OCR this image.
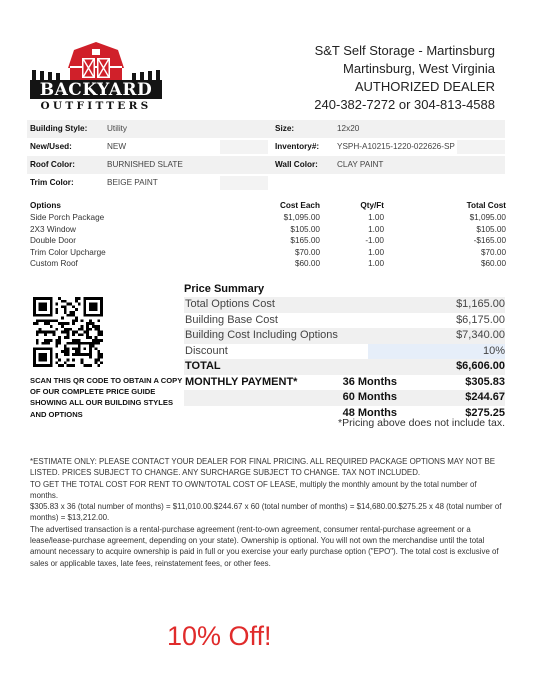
BACKYARD
OUTFITTERS
S&T Self Storage - Martinsburg
Martinsburg, West Virginia
AUTHORIZED DEALER
240-382-7272 or 304-813-4588
Building Style: Utility	Size:	12x20
New/Used:	NEW	Inventory#: YSPH-A10215-1220-022626-SP
Roof Color:	BURNISHED SLATE	Wall Color: CLAY PAINT
Trim Color:	BEIGE PAINT
Options	Cost Each	Qty/Ft	Total Cost
Side Porch Package	$1,095.00	1.00	$1,095.00
2X3 Window	$105.00	1.00	$105.00
Double Door	$165.00	-1.00	-$165.00
Trim Color Upcharge	$70.00	1.00	$70.00
Custom Roof	$60.00	1.00	$60.00
SCAN THIS QR CODE TO OBTAIN A COPY OF OUR COMPLETE PRICE GUIDE SHOWING ALL OUR BUILDING STYLES AND OPTIONS
Price Summary
Total Options Cost	$1,165.00
Building Base Cost	$6,175.00
Building Cost Including Options	$7,340.00
Discount	10%
TOTAL	$6,606.00
MONTHLY PAYMENT*	36 Months	$305.83
60 Months	$244.67
48 Months	$275.25
*Pricing above does not include tax.

*ESTIMATE ONLY: PLEASE CONTACT YOUR DEALER FOR FINAL PRICING. ALL REQUIRED PACKAGE OPTIONS MAY NOT BE LISTED. PRICES SUBJECT TO CHANGE. ANY SURCHARGE SUBJECT TO CHANGE. TAX NOT INCLUDED.

TO GET THE TOTAL COST FOR RENT TO OWN/TOTAL COST OF LEASE, multiply the monthly amount by the total number of months.

$305.83 x 36 (total number of months) = $11,010.00.$244.67 x 60 (total number of months) = $14,680.00.$275.25 x 48 (total number of months) = $13,212.00.

The advertised transaction is a rental-purchase agreement (rent-to-own agreement, consumer rental-purchase agreement or a lease/lease-purchase agreement, depending on your state). Ownership is optional. You will not own the merchandise until the total amount necessary to acquire ownership is paid in full or you exercise your early purchase option ("EPO"). The total cost is exclusive of sales or applicable taxes, late fees, reinstatement fees, or other fees.

10% Off!
